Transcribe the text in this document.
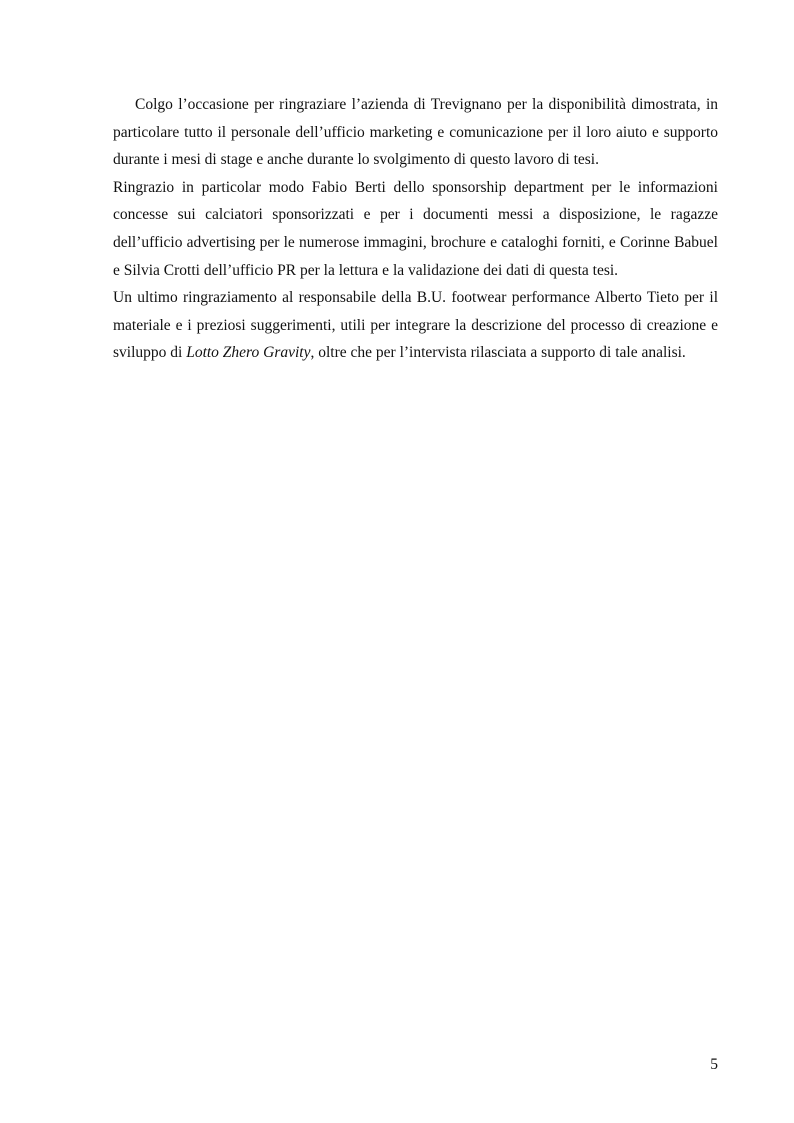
Colgo l’occasione per ringraziare l’azienda di Trevignano per la disponibilità dimostrata, in particolare tutto il personale dell’ufficio marketing e comunicazione per il loro aiuto e supporto durante i mesi di stage e anche durante lo svolgimento di questo lavoro di tesi.

Ringrazio in particolar modo Fabio Berti dello sponsorship department per le informazioni concesse sui calciatori sponsorizzati e per i documenti messi a disposizione, le ragazze dell’ufficio advertising per le numerose immagini, brochure e cataloghi forniti, e Corinne Babuel e Silvia Crotti dell’ufficio PR per la lettura e la validazione dei dati di questa tesi.

Un ultimo ringraziamento al responsabile della B.U. footwear performance Alberto Tieto per il materiale e i preziosi suggerimenti, utili per integrare la descrizione del processo di creazione e sviluppo di Lotto Zhero Gravity, oltre che per l’intervista rilasciata a supporto di tale analisi.

5
